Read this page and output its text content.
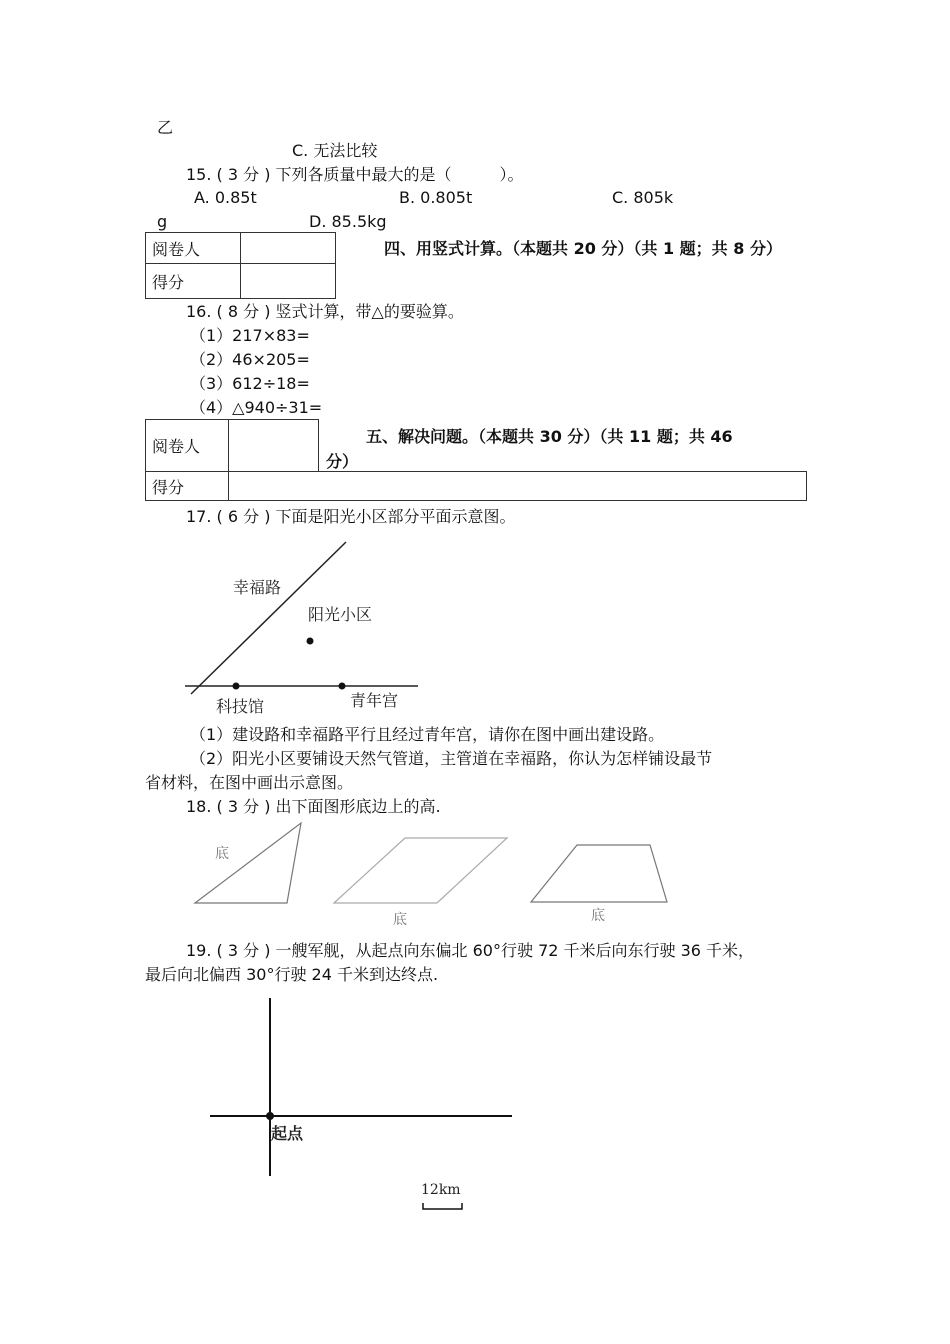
乙
C. 无法比较
15. ( 3 分 ) 下列各质量中最大的是（　　　）。
A. 0.85t	B. 0.805t	C. 805k
g	D. 85.5kg
阅卷人	
得分	
四、用竖式计算。（本题共 20 分）（共 1 题；共 8 分）
16. ( 8 分 ) 竖式计算，带△的要验算。
（1）217×83=
（2）46×205=
（3）612÷18=
（4）△940÷31=
阅卷人		
得分		
五、解决问题。（本题共 30 分）（共 11 题；共 46
分）
17. ( 6 分 ) 下面是阳光小区部分平面示意图。
幸福路
阳光小区
科技馆	青年宫
（1）建设路和幸福路平行且经过青年宫，请你在图中画出建设路。
（2）阳光小区要铺设天然气管道，主管道在幸福路，你认为怎样铺设最节
省材料，在图中画出示意图。
18. ( 3 分 ) 出下面图形底边上的高.
底
底	底
19. ( 3 分 ) 一艘军舰，从起点向东偏北 60°行驶 72 千米后向东行驶 36 千米，
最后向北偏西 30°行驶 24 千米到达终点.
起点
12km
